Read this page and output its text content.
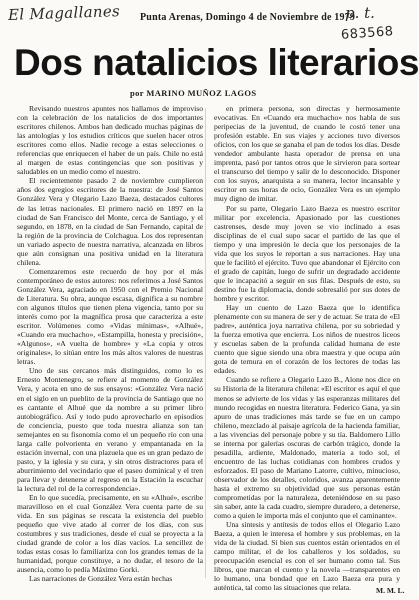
El Magallanes Punta Arenas, Domingo 4 de Noviembre de 1979
p. t.
683568
Dos natalicios literarios
por MARINO MUÑOZ LAGOS

Revisando nuestros apuntes nos hallamos de improviso con la celebración de los natalicios de dos importantes escritores chilenos. Ambos han dedicado muchas páginas de las antologías y los estudios críticos que suelen hacer otros escritores como ellos. Nadie recoge a estas selecciones o referencias que enriquecen el haber de un país. Chile no está al margen de estas contingencias que son positivas y saludables en un medio como el nuestro.

El recientemente pasado 2 de noviembre cumplieron años dos egregios escritores de la nuestra: de José Santos González Vera y Olegario Lazo Baeza, destacados cultores de las letras nacionales. El primero nació en 1897 en la ciudad de San Francisco del Monte, cerca de Santiago, y el segundo, en 1878, en la ciudad de San Fernando, capital de la región de la provincia de Colchagua. Los dos representan un variado aspecto de nuestra narrativa, alcanzada en libros que aún consignan una positiva unidad en la literatura chilena.

Comenzaremos este recuerdo de hoy por el más contemporáneo de estos autores: nos referimos a José Santos González Vera, agraciado en 1950 con el Premio Nacional de Literatura. Su obra, aunque escasa, dignifica a su nombre con algunos títulos que tienen plena vigencia, tanto por su interés como por la magnífica prosa que caracteriza a este escritor. Volúmenes como «Vidas mínimas», «Alhué», «Cuando era muchacho», «Estampilla, honesta y precisión», «Algunos», «A vuelta de hombre» y «La copia y otros originales», lo sitúan entre los más altos valores de nuestras letras.

Uno de sus cercanos más distinguidos, como lo es Ernesto Montenegro, se refiere al momento de González Vera, y acota en uno de sus ensayos: «González Vera nació en el siglo en un pueblito de la provincia de Santiago que no es cantante el Alhué que da nombre a su primer libro autobiográfico. Así y todo pudo aprovecharlo en episodios de conciencia, puesto que toda nuestra alianza son tan semejantes en su fisonomía como el un pequeño río con una larga calle polvorienta en verano y empantanada en la estación invernal, con una plazuela que es un gran pedazo de pasto, y la iglesia y su cura, y sin otros distractores para el aburrimiento del vecindario que el paseo dominical y el tren para llevar y detenerse al regreso en la Estación la escuchar la lectura del rol de la correspondencia».

En lo que sucedía, precisamente, en su «Alhué», escribe maravilloso en el cual González Vera cuenta parte de su vida. En sus páginas se rescata la existencia del pueblo pequeño que vive atado al correr de los días, con sus costumbres y sus tradiciones, desde el cual se proyecta a la ciudad grande de color a los días vacíos. La sencillez de todas estas cosas lo familiariza con los grandes temas de la humanidad, porque constituye, a no dudar, el tesoro de la ausencia, como lo pedía Máximo Gorki.

Las narraciones de González Vera están hechas

en primera persona, son directas y hermosamente evocativas. En «Cuando era muchacho» nos habla de sus peripecias de la juventud, de cuando le costó tener una profesión estable. En sus viajes y acciones tuvo diversos oficios, con los que se ganaba el pan de todos los días. Desde vendedor ambulante hasta operador de prensa en una imprenta, pasó por tantos otros que le sirvieron para sortear el transcurso del tiempo y salir de lo desconocido. Disponer con los suyos, anarquista a su manera, lector incansable y escritor en sus horas de ocio, González Vera es un ejemplo muy digno de imitar.

Por su parte, Olegario Lazo Baeza es nuestro escritor militar por excelencia. Apasionado por las cuestiones castrenses, desde muy joven se vio inclinado a esas disciplinas de el cual supo sacar el partido de las que el tiempo y una impresión le decía que los personajes de la vida que los suyos le reportan a sus narraciones. Hay una que le facilitó el ejército. Tuvo que abandonar el Ejército con el grado de capitán, luego de sufrir un degradado accidente que le incapacitó a seguir en sus filas. Después de esto, su destino fue la diplomacia, donde sobresalió por sus dotes de hombre y escritor.

Hay un cuento de Lazo Baeza que lo identifica plenamente con su manera de ser y de actuar. Se trata de «El padre», auténtica joya narrativa chilena, por su sobriedad y la fuerza emotiva que encierra. Los niños de nuestros liceos y escuelas saben de la profunda calidad humana de este cuento que sigue siendo una obra maestra y que ocupa aún gota de ternura en el corazón de los lectores de todas las edades.

Cuando se refiere a Olegario Lazo B., Alone nos dice en su Historia de la literatura chilena: «El escritor es aquí el que menos se advierte de los vidas y las esperanzas militares del mundo recogidas en nuestra literatura. Federico Gana, ya sin apuro de unas tradiciones más tarde se fue en un campo chileno, mezclado al paisaje agrícola de la hacienda familiar, a las vivencias del personaje pobre y su tía. Baldomero Lillo se interna por galerías oscuras de carbón trágico, donde la pesadilla, ardiente, Maldonado, materia a todo sol, el encuentro de las luchas cotidianas con hombres crudos y esforzados. El paso de Mariano Latorre, cultivo, minucioso, observador de los detalles, coloridos, avanza aparentemente hasta el extremo su objetividad que sus personas están comprometidas por la naturaleza, deteniéndose en su paso sin saber, ante la cada cuadro, siempre duradero, a detenerse, como a quien le importa más el conjunto que el caminante».

Una síntesis y antítesis de todos ellos el Olegario Lazo Baeza, a quien le interesa el hombre y sus problemas, en la vida de la ciudad. Si bien sus cuentos están orientados en el campo militar, el de los caballeros y los soldados, su preocupación esencial es con el ser humano como tal. Sus libros, que marcan el cuento y la novela —transparentes en lo humano, una bondad que en Lazo Baeza era pura y auténtica, tal como las situaciones que relata.	M. M. L.
